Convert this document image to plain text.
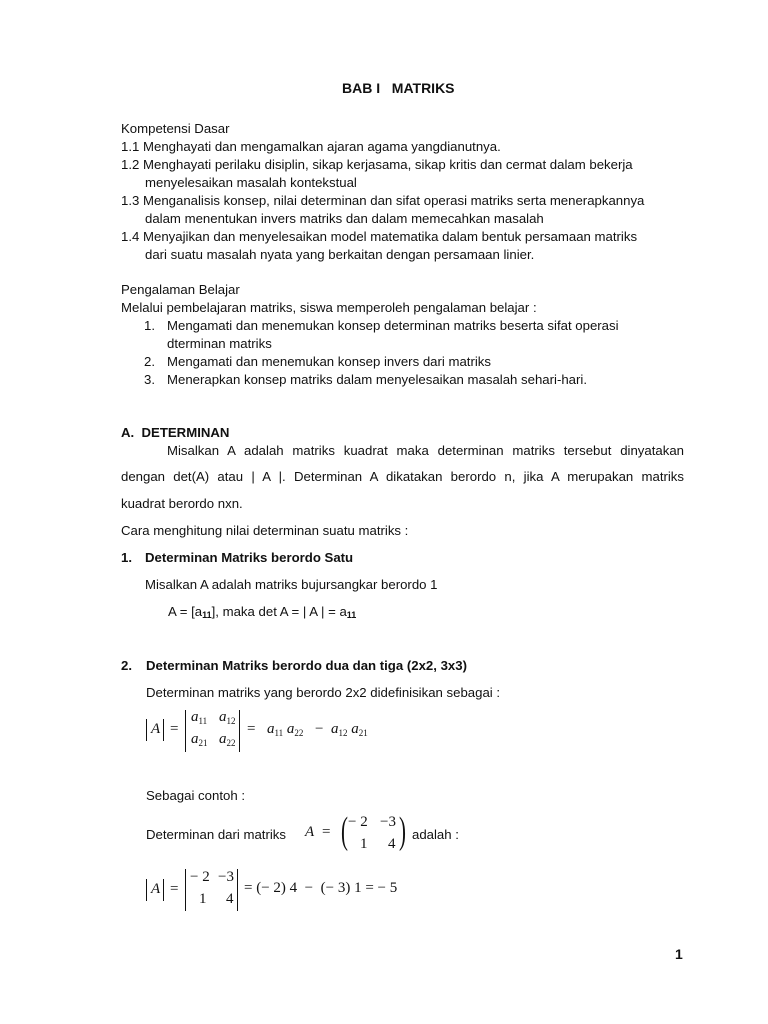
BAB I   MATRIKS
Kompetensi Dasar
1.1 Menghayati dan mengamalkan ajaran agama yangdianutnya.
1.2 Menghayati perilaku disiplin, sikap kerjasama, sikap kritis dan cermat dalam bekerja
menyelesaikan masalah kontekstual
1.3 Menganalisis konsep, nilai determinan dan sifat operasi matriks serta menerapkannya
dalam menentukan invers matriks dan dalam memecahkan masalah
1.4 Menyajikan dan menyelesaikan model matematika dalam bentuk persamaan matriks
dari suatu masalah nyata yang berkaitan dengan persamaan linier.
Pengalaman Belajar
Melalui pembelajaran matriks, siswa memperoleh pengalaman belajar :
1. Mengamati dan menemukan konsep determinan matriks beserta sifat operasi
dterminan matriks
2. Mengamati dan menemukan konsep invers dari matriks
3. Menerapkan konsep matriks dalam menyelesaikan masalah sehari-hari.
A.  DETERMINAN
Misalkan A adalah matriks kuadrat maka determinan matriks tersebut dinyatakan
dengan det(A) atau | A |. Determinan A dikatakan berordo n, jika A merupakan matriks
kuadrat berordo nxn.
Cara menghitung nilai determinan suatu matriks :
1. Determinan Matriks berordo Satu
Misalkan A adalah matriks bujursangkar berordo 1
A = [a11], maka det A = | A | = a11
2. Determinan Matriks berordo dua dan tiga (2x2, 3x3)
Determinan matriks yang berordo 2x2 didefinisikan sebagai :
A =
$a_{11}$ $a_{12}$
$a_{21}$ $a_{22}$
= $a_{11}$ $a_{22} - a_{12}$ $a_{21}$
Sebagai contoh :
Determinan dari matriks A = ( − 2 −3
1 4 ) adalah :
A =
− 2 −3
1 4
= (− 2) 4  −  (− 3) 1 = − 5
1
